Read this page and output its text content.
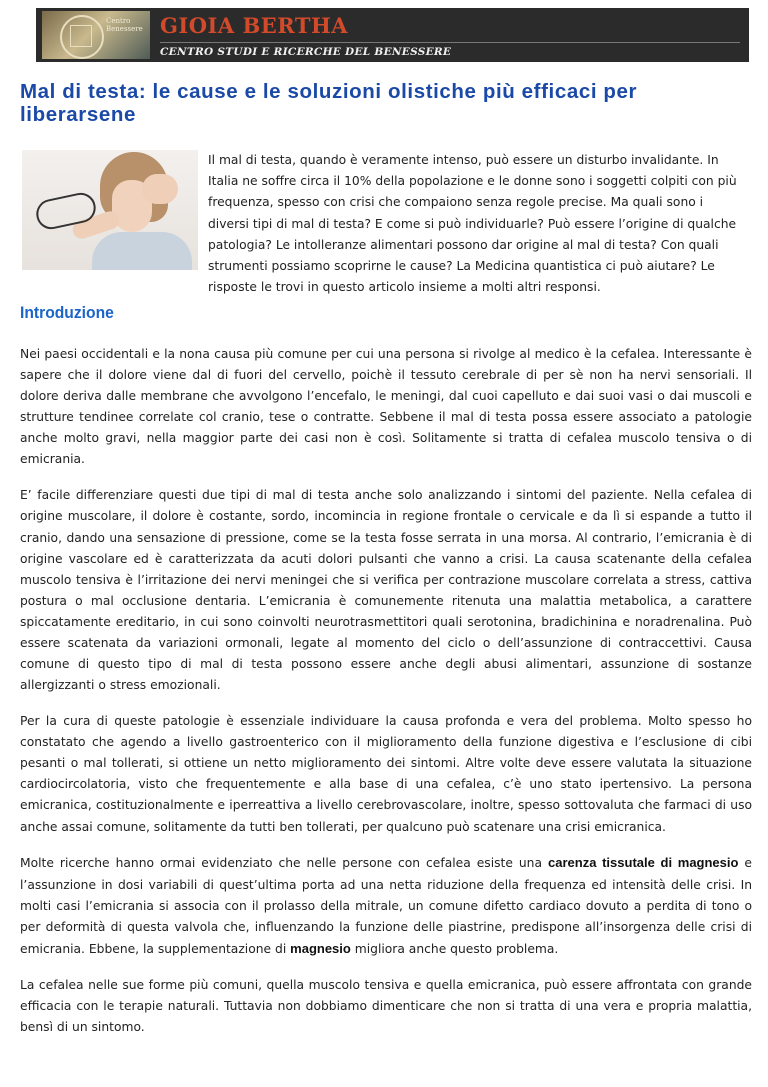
Centro Benessere GIOIA BERTHA
CENTRO STUDI E RICERCHE DEL BENESSERE
Mal di testa: le cause e le soluzioni olistiche più efficaci per liberarsene

Il mal di testa, quando è veramente intenso, può essere un disturbo invalidante. In Italia ne soffre circa il 10% della popolazione e le donne sono i soggetti colpiti con più frequenza, spesso con crisi che compaiono senza regole precise. Ma quali sono i diversi tipi di mal di testa? E come si può individuarle? Può essere l’origine di qualche patologia? Le intolleranze alimentari possono dar origine al mal di testa? Con quali strumenti possiamo scoprirne le cause? La Medicina quantistica ci può aiutare? Le risposte le trovi in questo articolo insieme a molti altri responsi.

Introduzione

Nei paesi occidentali e la nona causa più comune per cui una persona si rivolge al medico è la cefalea. Interessante è sapere che il dolore viene dal di fuori del cervello, poichè il tessuto cerebrale di per sè non ha nervi sensoriali. Il dolore deriva dalle membrane che avvolgono l’encefalo, le meningi, dal cuoi capelluto e dai suoi vasi o dai muscoli e strutture tendinee correlate col cranio, tese o contratte. Sebbene il mal di testa possa essere associato a patologie anche molto gravi, nella maggior parte dei casi non è così. Solitamente si tratta di cefalea muscolo tensiva o di emicrania.

E’ facile differenziare questi due tipi di mal di testa anche solo analizzando i sintomi del paziente. Nella cefalea di origine muscolare, il dolore è costante, sordo, incomincia in regione frontale o cervicale e da lì si espande a tutto il cranio, dando una sensazione di pressione, come se la testa fosse serrata in una morsa. Al contrario, l’emicrania è di origine vascolare ed è caratterizzata da acuti dolori pulsanti che vanno a crisi. La causa scatenante della cefalea muscolo tensiva è l’irritazione dei nervi meningei che si verifica per contrazione muscolare correlata a stress, cattiva postura o mal occlusione dentaria. L’emicrania è comunemente ritenuta una malattia metabolica, a carattere spiccatamente ereditario, in cui sono coinvolti neurotrasmettitori quali serotonina, bradichinina e noradrenalina. Può essere scatenata da variazioni ormonali, legate al momento del ciclo o dell’assunzione di contraccettivi. Causa comune di questo tipo di mal di testa possono essere anche degli abusi alimentari, assunzione di sostanze allergizzanti o stress emozionali.

Per la cura di queste patologie è essenziale individuare la causa profonda e vera del problema. Molto spesso ho constatato che agendo a livello gastroenterico con il miglioramento della funzione digestiva e l’esclusione di cibi pesanti o mal tollerati, si ottiene un netto miglioramento dei sintomi. Altre volte deve essere valutata la situazione cardiocircolatoria, visto che frequentemente e alla base di una cefalea, c’è uno stato ipertensivo. La persona emicranica, costituzionalmente e iperreattiva a livello cerebrovascolare, inoltre, spesso sottovaluta che farmaci di uso anche assai comune, solitamente da tutti ben tollerati, per qualcuno può scatenare una crisi emicranica.

Molte ricerche hanno ormai evidenziato che nelle persone con cefalea esiste una carenza tissutale di magnesio e l’assunzione in dosi variabili di quest’ultima porta ad una netta riduzione della frequenza ed intensità delle crisi. In molti casi l’emicrania si associa con il prolasso della mitrale, un comune difetto cardiaco dovuto a perdita di tono o per deformità di questa valvola che, influenzando la funzione delle piastrine, predispone all’insorgenza delle crisi di emicrania. Ebbene, la supplementazione di magnesio migliora anche questo problema.

La cefalea nelle sue forme più comuni, quella muscolo tensiva e quella emicranica, può essere affrontata con grande efficacia con le terapie naturali. Tuttavia non dobbiamo dimenticare che non si tratta di una vera e propria malattia, bensì di un sintomo.
